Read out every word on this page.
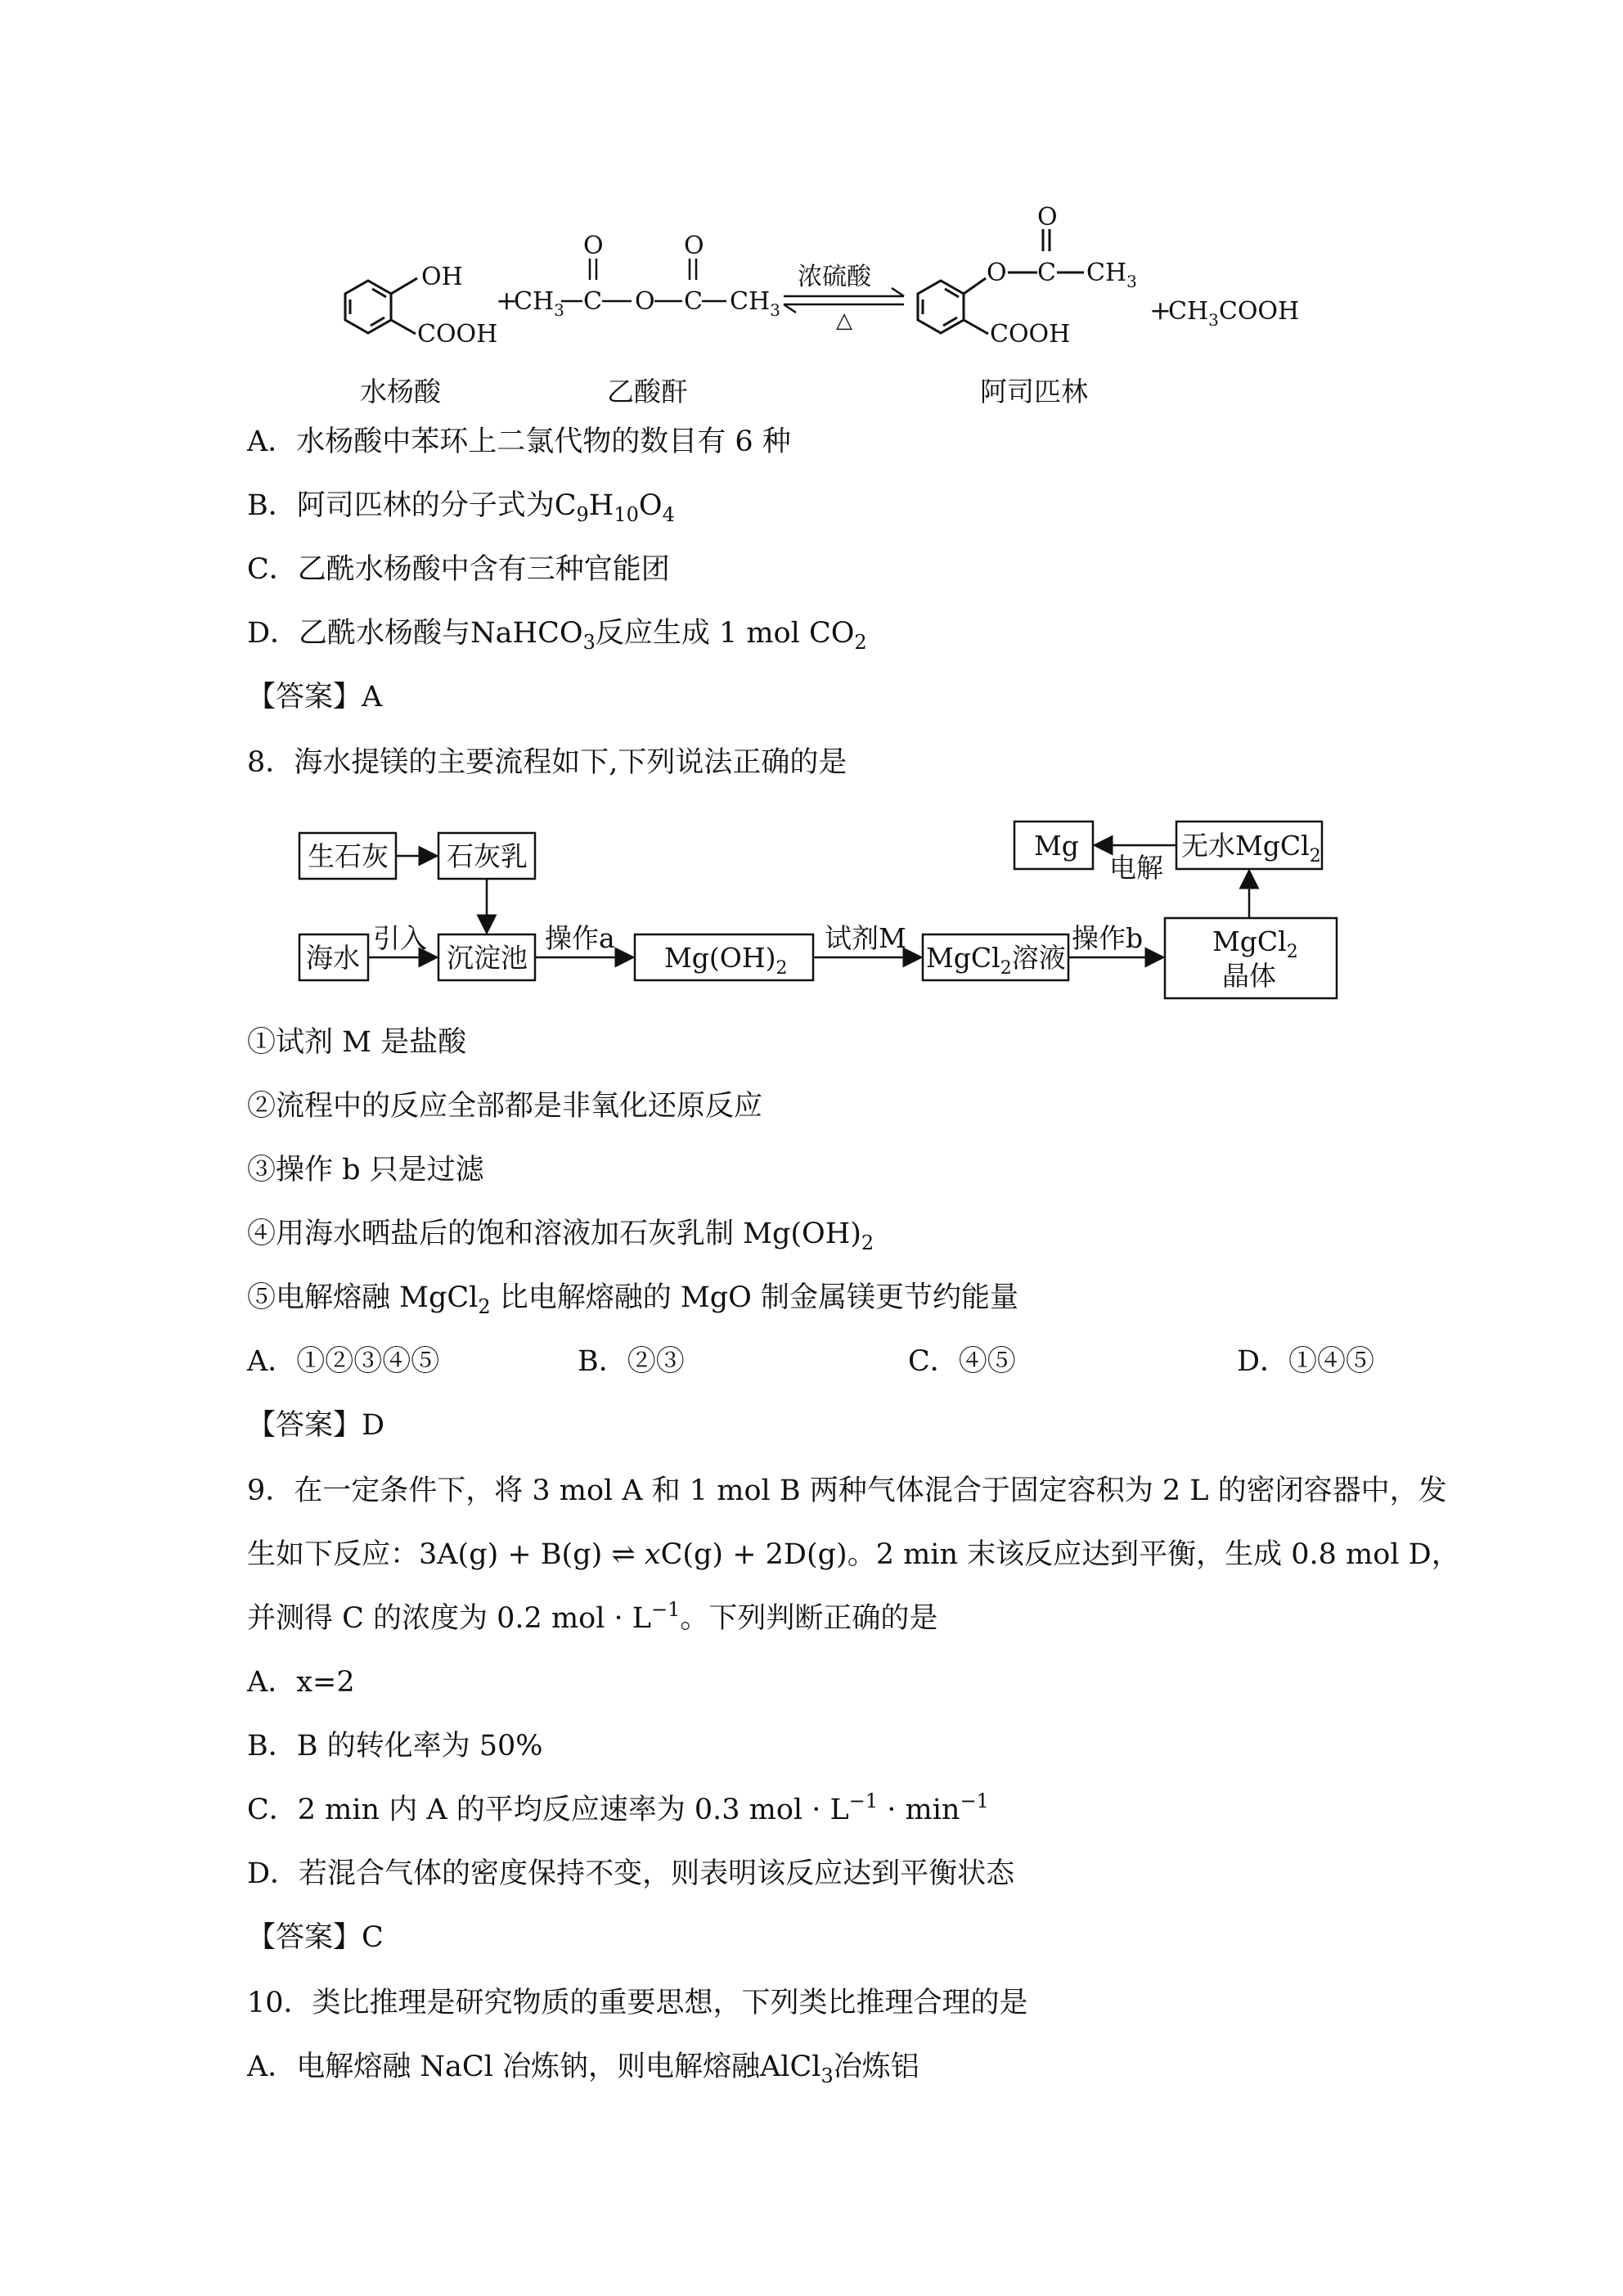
OH
COOH
+
$CH_3$ C
O
O C
O
$CH_3$
浓硫酸
△
O C
O
$CH_3$
COOH
+
$CH_3COOH$
水杨酸	乙酸酐	阿司匹林
A．水杨酸中苯环上二氯代物的数目有 6 种
B．阿司匹林的分子式为$C_9H_{10}O_4$
C．乙酰水杨酸中含有三种官能团
D．乙酰水杨酸与NaHCO$_3$反应生成 1 mol $CO_2$
【答案】A
8．海水提镁的主要流程如下,下列说法正确的是
生石灰 石灰乳
海水
引入
沉淀池
操作a
$Mg(OH)_2$
试剂M
MgCl$_2$溶液
操作b	MgCl$_2$
晶体
无水MgCl$_2$
电解
Mg
①试剂 M 是盐酸
②流程中的反应全部都是非氧化还原反应
③操作 b 只是过滤
④用海水晒盐后的饱和溶液加石灰乳制 $Mg(OH)_2$
⑤电解熔融 MgCl$_2$ 比电解熔融的 MgO 制金属镁更节约能量
A．①②③④⑤	B．②③	C．④⑤	D．①④⑤
【答案】D
9．在一定条件下，将 3 mol A 和 1 mol B 两种气体混合于固定容积为 2 L 的密闭容器中，发
生如下反应：3A(g) + B(g) ⇌ 𝑥C(g) + 2D(g)。2 min 末该反应达到平衡，生成 0.8 mol D，
并测得 C 的浓度为 0.2 mol · $L^{-1}$。下列判断正确的是
A．x=2
B．B 的转化率为 50%
C．2 min 内 A 的平均反应速率为 0.3 mol · $L^{-1} \cdot \min^{-1}$
D．若混合气体的密度保持不变，则表明该反应达到平衡状态
【答案】C
10．类比推理是研究物质的重要思想，下列类比推理合理的是
A．电解熔融 NaCl 冶炼钠，则电解熔融AlCl$_3$冶炼铝
